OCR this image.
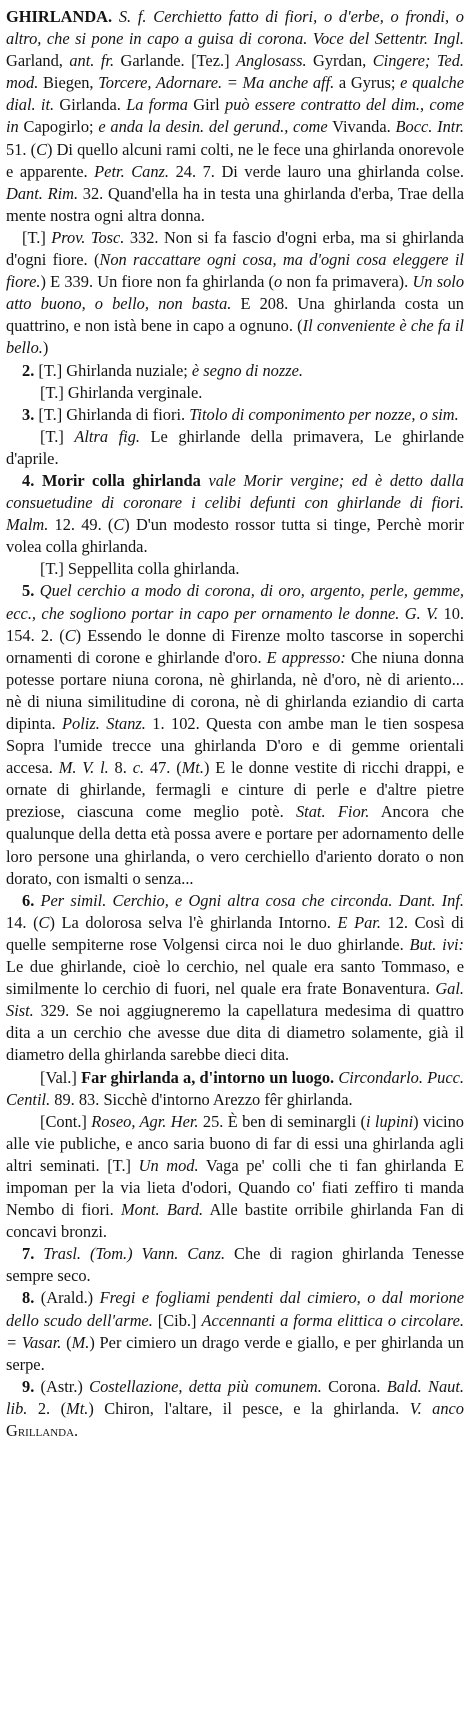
GHIRLANDA. S. f. Cerchietto fatto di fiori, o d'erbe, o frondi, o altro, che si pone in capo a guisa di corona. Voce del Settentr. Ingl. Garland, ant. fr. Garlande. [Tez.] Anglosass. Gyrdan, Cingere; Ted. mod. Biegen, Torcere, Adornare. = Ma anche aff. a Gyrus; e qualche dial. it. Girlanda. La forma Girl può essere contratto del dim., come in Capogirlo; e anda la desin. del gerund., come Vivanda. Bocc. Intr. 51. (C) Di quello alcuni rami colti, ne le fece una ghirlanda onorevole e apparente. Petr. Canz. 24. 7. Di verde lauro una ghirlanda colse. Dant. Rim. 32. Quand'ella ha in testa una ghirlanda d'erba, Trae della mente nostra ogni altra donna.

[T.] Prov. Tosc. 332. Non si fa fascio d'ogni erba, ma si ghirlanda d'ogni fiore. (Non raccattare ogni cosa, ma d'ogni cosa eleggere il fiore.) E 339. Un fiore non fa ghirlanda (o non fa primavera). Un solo atto buono, o bello, non basta. E 208. Una ghirlanda costa un quattrino, e non istà bene in capo a ognuno. (Il conveniente è che fa il bello.)

2. [T.] Ghirlanda nuziale; è segno di nozze.

[T.] Ghirlanda verginale.

3. [T.] Ghirlanda di fiori. Titolo di componimento per nozze, o sim.

[T.] Altra fig. Le ghirlande della primavera, Le ghirlande d'aprile.

4. Morir colla ghirlanda vale Morir vergine; ed è detto dalla consuetudine di coronare i celibi defunti con ghirlande di fiori. Malm. 12. 49. (C) D'un modesto rossor tutta si tinge, Perchè morir volea colla ghirlanda.

[T.] Seppellita colla ghirlanda.

5. Quel cerchio a modo di corona, di oro, argento, perle, gemme, ecc., che sogliono portar in capo per ornamento le donne. G. V. 10. 154. 2. (C) Essendo le donne di Firenze molto tascorse in soperchi ornamenti di corone e ghirlande d'oro. E appresso: Che niuna donna potesse portare niuna corona, nè ghirlanda, nè d'oro, nè di ariento... nè di niuna similitudine di corona, nè di ghirlanda eziandio di carta dipinta. Poliz. Stanz. 1. 102. Questa con ambe man le tien sospesa Sopra l'umide trecce una ghirlanda D'oro e di gemme orientali accesa. M. V. l. 8. c. 47. (Mt.) E le donne vestite di ricchi drappi, e ornate di ghirlande, fermagli e cinture di perle e d'altre pietre preziose, ciascuna come meglio potè. Stat. Fior. Ancora che qualunque della detta età possa avere e portare per adornamento delle loro persone una ghirlanda, o vero cerchiello d'ariento dorato o non dorato, con ismalti o senza...

6. Per simil. Cerchio, e Ogni altra cosa che circonda. Dant. Inf. 14. (C) La dolorosa selva l'è ghirlanda Intorno. E Par. 12. Così di quelle sempiterne rose Volgensi circa noi le duo ghirlande. But. ivi: Le due ghirlande, cioè lo cerchio, nel quale era santo Tommaso, e similmente lo cerchio di fuori, nel quale era frate Bonaventura. Gal. Sist. 329. Se noi aggiugneremo la capellatura medesima di quattro dita a un cerchio che avesse due dita di diametro solamente, già il diametro della ghirlanda sarebbe dieci dita.

[Val.] Far ghirlanda a, d'intorno un luogo. Circondarlo. Pucc. Centil. 89. 83. Sicchè d'intorno Arezzo fêr ghirlanda.

[Cont.] Roseo, Agr. Her. 25. È ben di seminargli (i lupini) vicino alle vie publiche, e anco saria buono di far di essi una ghirlanda agli altri seminati. [T.] Un mod. Vaga pe' colli che ti fan ghirlanda E impoman per la via lieta d'odori, Quando co' fiati zeffiro ti manda Nembo di fiori. Mont. Bard. Alle bastite orribile ghirlanda Fan di concavi bronzi.

7. Trasl. (Tom.) Vann. Canz. Che di ragion ghirlanda Tenesse sempre seco.

8. (Arald.) Fregi e fogliami pendenti dal cimiero, o dal morione dello scudo dell'arme. [Cib.] Accennanti a forma elittica o circolare. = Vasar. (M.) Per cimiero un drago verde e giallo, e per ghirlanda un serpe.

9. (Astr.) Costellazione, detta più comunem. Corona. Bald. Naut. lib. 2. (Mt.) Chiron, l'altare, il pesce, e la ghirlanda. V. anco Grillanda.
